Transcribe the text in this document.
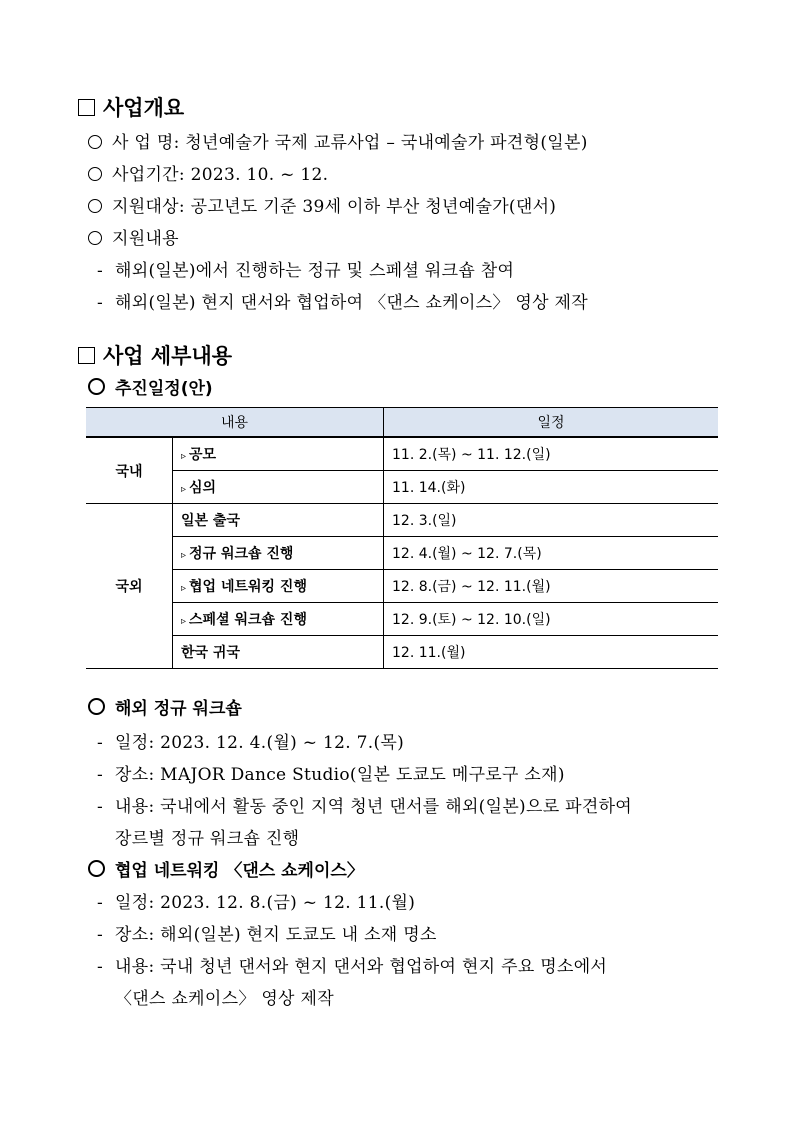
사업개요
사 업 명: 청년예술가 국제 교류사업 – 국내예술가 파견형(일본)
사업기간: 2023. 10. ~ 12.
지원대상: 공고년도 기준 39세 이하 부산 청년예술가(댄서)
지원내용
- 해외(일본)에서 진행하는 정규 및 스페셜 워크숍 참여
- 해외(일본) 현지 댄서와 협업하여 〈댄스 쇼케이스〉 영상 제작
사업 세부내용
추진일정(안)
내용		일정
국내	▹ 공모	11. 2.(목) ~ 11. 12.(일)
	▹ 심의	11. 14.(화)
국외	일본 출국	12. 3.(일)
	▹ 정규 워크숍 진행	12. 4.(월) ~ 12. 7.(목)
	▹ 협업 네트워킹 진행	12. 8.(금) ~ 12. 11.(월)
	▹ 스페셜 워크숍 진행	12. 9.(토) ~ 12. 10.(일)
	한국 귀국	12. 11.(월)
해외 정규 워크숍
- 일정: 2023. 12. 4.(월) ~ 12. 7.(목)
- 장소: MAJOR Dance Studio(일본 도쿄도 메구로구 소재)
- 내용: 국내에서 활동 중인 지역 청년 댄서를 해외(일본)으로 파견하여
장르별 정규 워크숍 진행
협업 네트워킹 〈댄스 쇼케이스〉
- 일정: 2023. 12. 8.(금) ~ 12. 11.(월)
- 장소: 해외(일본) 현지 도쿄도 내 소재 명소
- 내용: 국내 청년 댄서와 현지 댄서와 협업하여 현지 주요 명소에서
〈댄스 쇼케이스〉 영상 제작
